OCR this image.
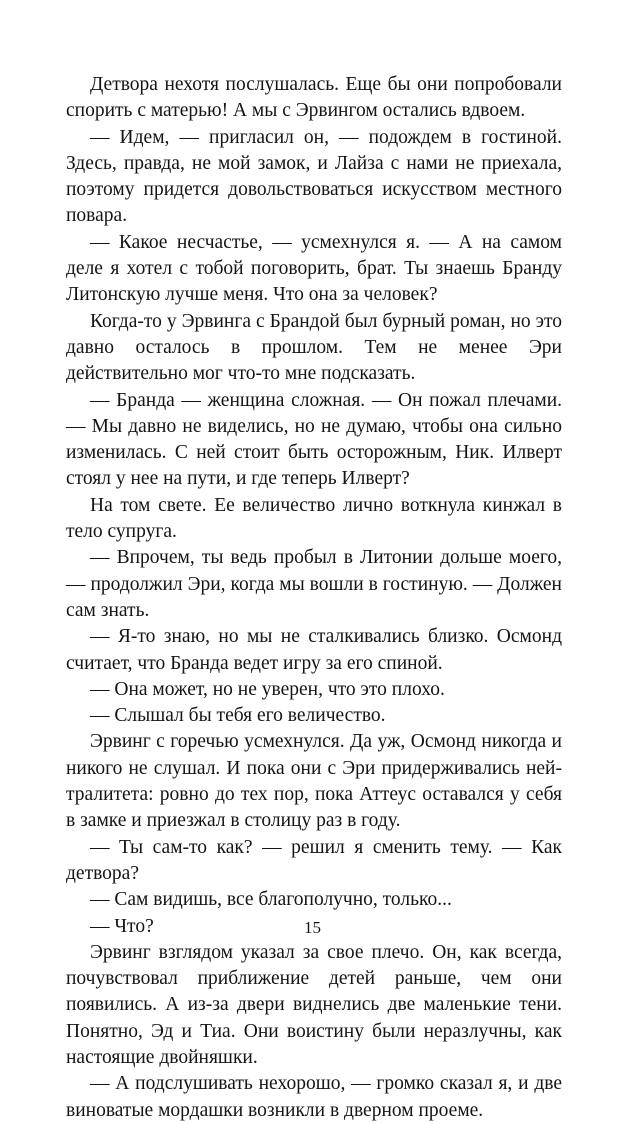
Детвора нехотя послушалась. Еще бы они попробовали спорить с матерью! А мы с Эрвингом остались вдвоем.

— Идем, — пригласил он, — подождем в гостиной. Здесь, правда, не мой замок, и Лайза с нами не приехала, поэтому придется довольствоваться искусством местного повара.

— Какое несчастье, — усмехнулся я. — А на самом деле я хотел с тобой поговорить, брат. Ты знаешь Бранду Литонскую лучше меня. Что она за человек?

Когда-то у Эрвинга с Брандой был бурный роман, но это давно осталось в прошлом. Тем не менее Эри действительно мог что-то мне подсказать.

— Бранда — женщина сложная. — Он пожал плечами. — Мы давно не виделись, но не думаю, чтобы она сильно изменилась. С ней стоит быть осторожным, Ник. Илверт стоял у нее на пути, и где теперь Илверт?

На том свете. Ее величество лично воткнула кинжал в тело супруга.

— Впрочем, ты ведь пробыл в Литонии дольше моего, — продолжил Эри, когда мы вошли в гостиную. — Должен сам знать.

— Я-то знаю, но мы не сталкивались близко. Осмонд считает, что Бранда ведет игру за его спиной.

— Она может, но не уверен, что это плохо.

— Слышал бы тебя его величество.

Эрвинг с горечью усмехнулся. Да уж, Осмонд никогда и никого не слушал. И пока они с Эри придерживались нейтралитета: ровно до тех пор, пока Аттеус оставался у себя в замке и приезжал в столицу раз в году.

— Ты сам-то как? — решил я сменить тему. — Как детвора?

— Сам видишь, все благополучно, только...

— Что?

Эрвинг взглядом указал за свое плечо. Он, как всегда, почувствовал приближение детей раньше, чем они появились. А из-за двери виднелись две маленькие тени. Понятно, Эд и Тиа. Они воистину были неразлучны, как настоящие двойняшки.

— А подслушивать нехорошо, — громко сказал я, и две виноватые мордашки возникли в дверном проеме.

15
